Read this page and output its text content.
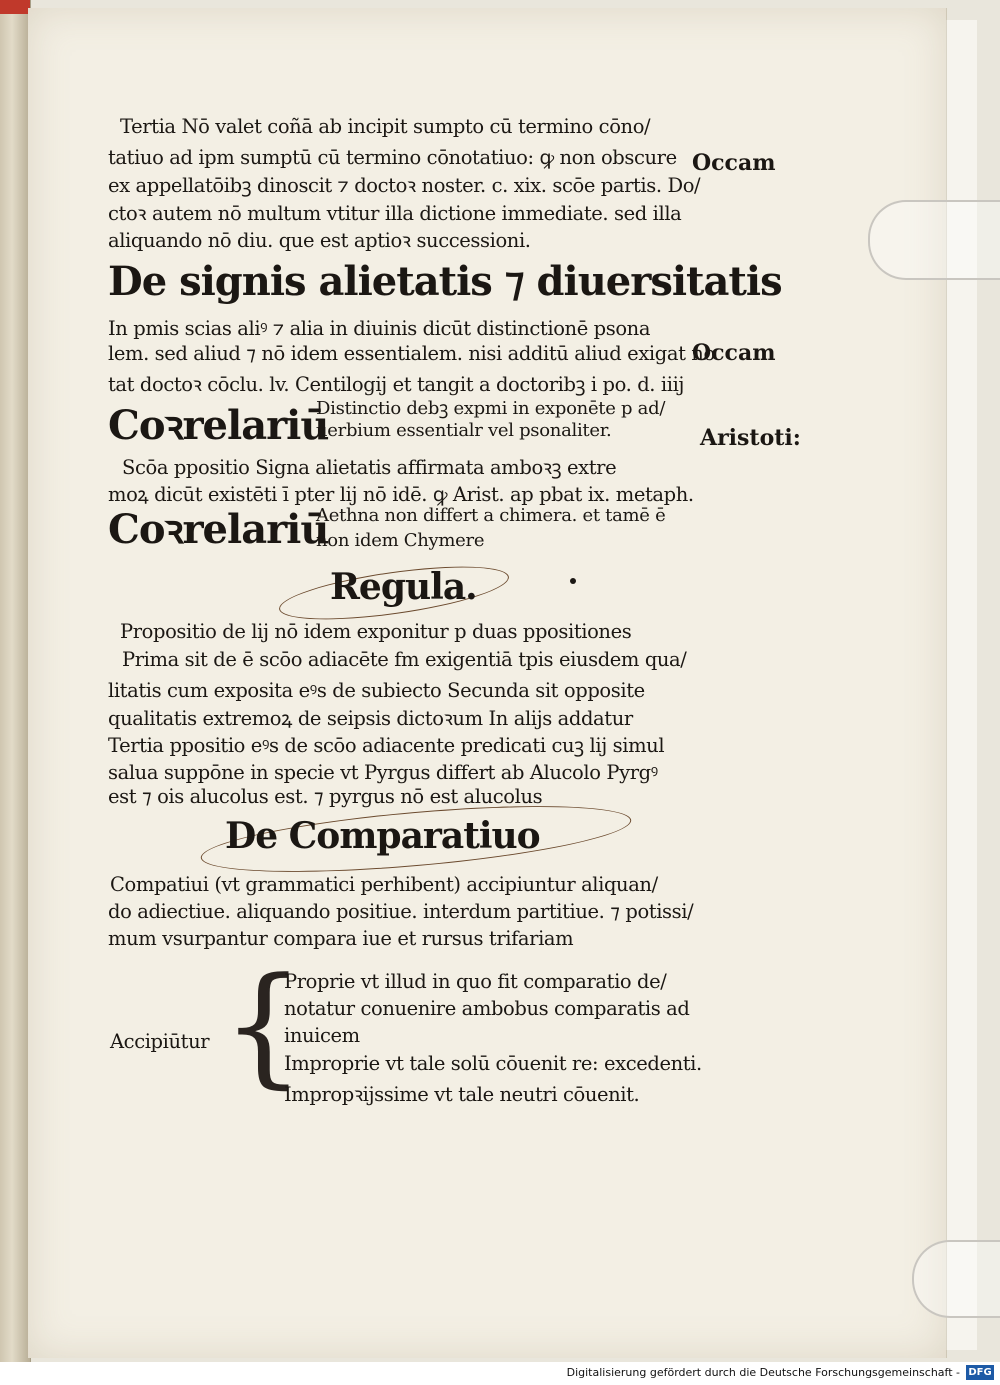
Tertia Nō valet coñā ab incipit sumpto cū termino cōno/
tatiuo ad ipm sumptū cū termino cōnotatiuo: ꝙ non obscure
ex appellatōibꝫ dinoscit ⁊ doctoꝛ noster. c. xix. scōe partis. Do/
ctoꝛ autem nō multum vtitur illa dictione immediate. sed illa
aliquando nō diu. que est aptioꝛ successioni.
Occam
De signis alietatis ⁊ diuersitatis
In pmis scias aliꝰ ⁊ alia in diuinis dicūt distinctionē psona
lem. sed aliud ⁊ nō idem essentialem. nisi additū aliud exigat no
tat doctoꝛ cōclu. lv. Centilogij et tangit a doctoribꝫ i po. d. iiij
Occam
Coꝛrelariū
Distinctio debꝫ expmi in exponēte p ad/
uerbium essentialr vel psonaliter.	Aristoti:
Scōa ppositio Signa alietatis affirmata amboꝛꝫ extre
moꝝ dicūt existēti ī pter lij nō idē. ꝙ Arist. ap pbat ix. metaph.
Coꝛrelariū
Aethna non differt a chimera. et tamē ē
non idem Chymere
Regula.
Propositio de lij nō idem exponitur p duas ppositiones
Prima sit de ē scōo adiacēte fm exigentiā tpis eiusdem qua/
litatis cum exposita eꝰs de subiecto Secunda sit opposite
qualitatis extremoꝝ de seipsis dictoꝛum In alijs addatur
Tertia ppositio eꝰs de scōo adiacente predicati cuꝫ lij simul
salua suppōne in specie vt Pyrgus differt ab Alucolo Pyrgꝰ
est ⁊ ois alucolus est. ⁊ pyrgus nō est alucolus
De Comparatiuo
Compatiui (vt grammatici perhibent) accipiuntur aliquan/
do adiectiue. aliquando positiue. interdum partitiue. ⁊ potissi/
mum vsurpantur compara iue et rursus trifariam
{
Accipiūtur
Proprie vt illud in quo fit comparatio de/
notatur conuenire ambobus comparatis ad
inuicem
Improprie vt tale solū cōuenit re: excedenti.
Impropꝛijssime vt tale neutri cōuenit.
Digitalisierung gefördert durch die Deutsche Forschungsgemeinschaft - DFG
